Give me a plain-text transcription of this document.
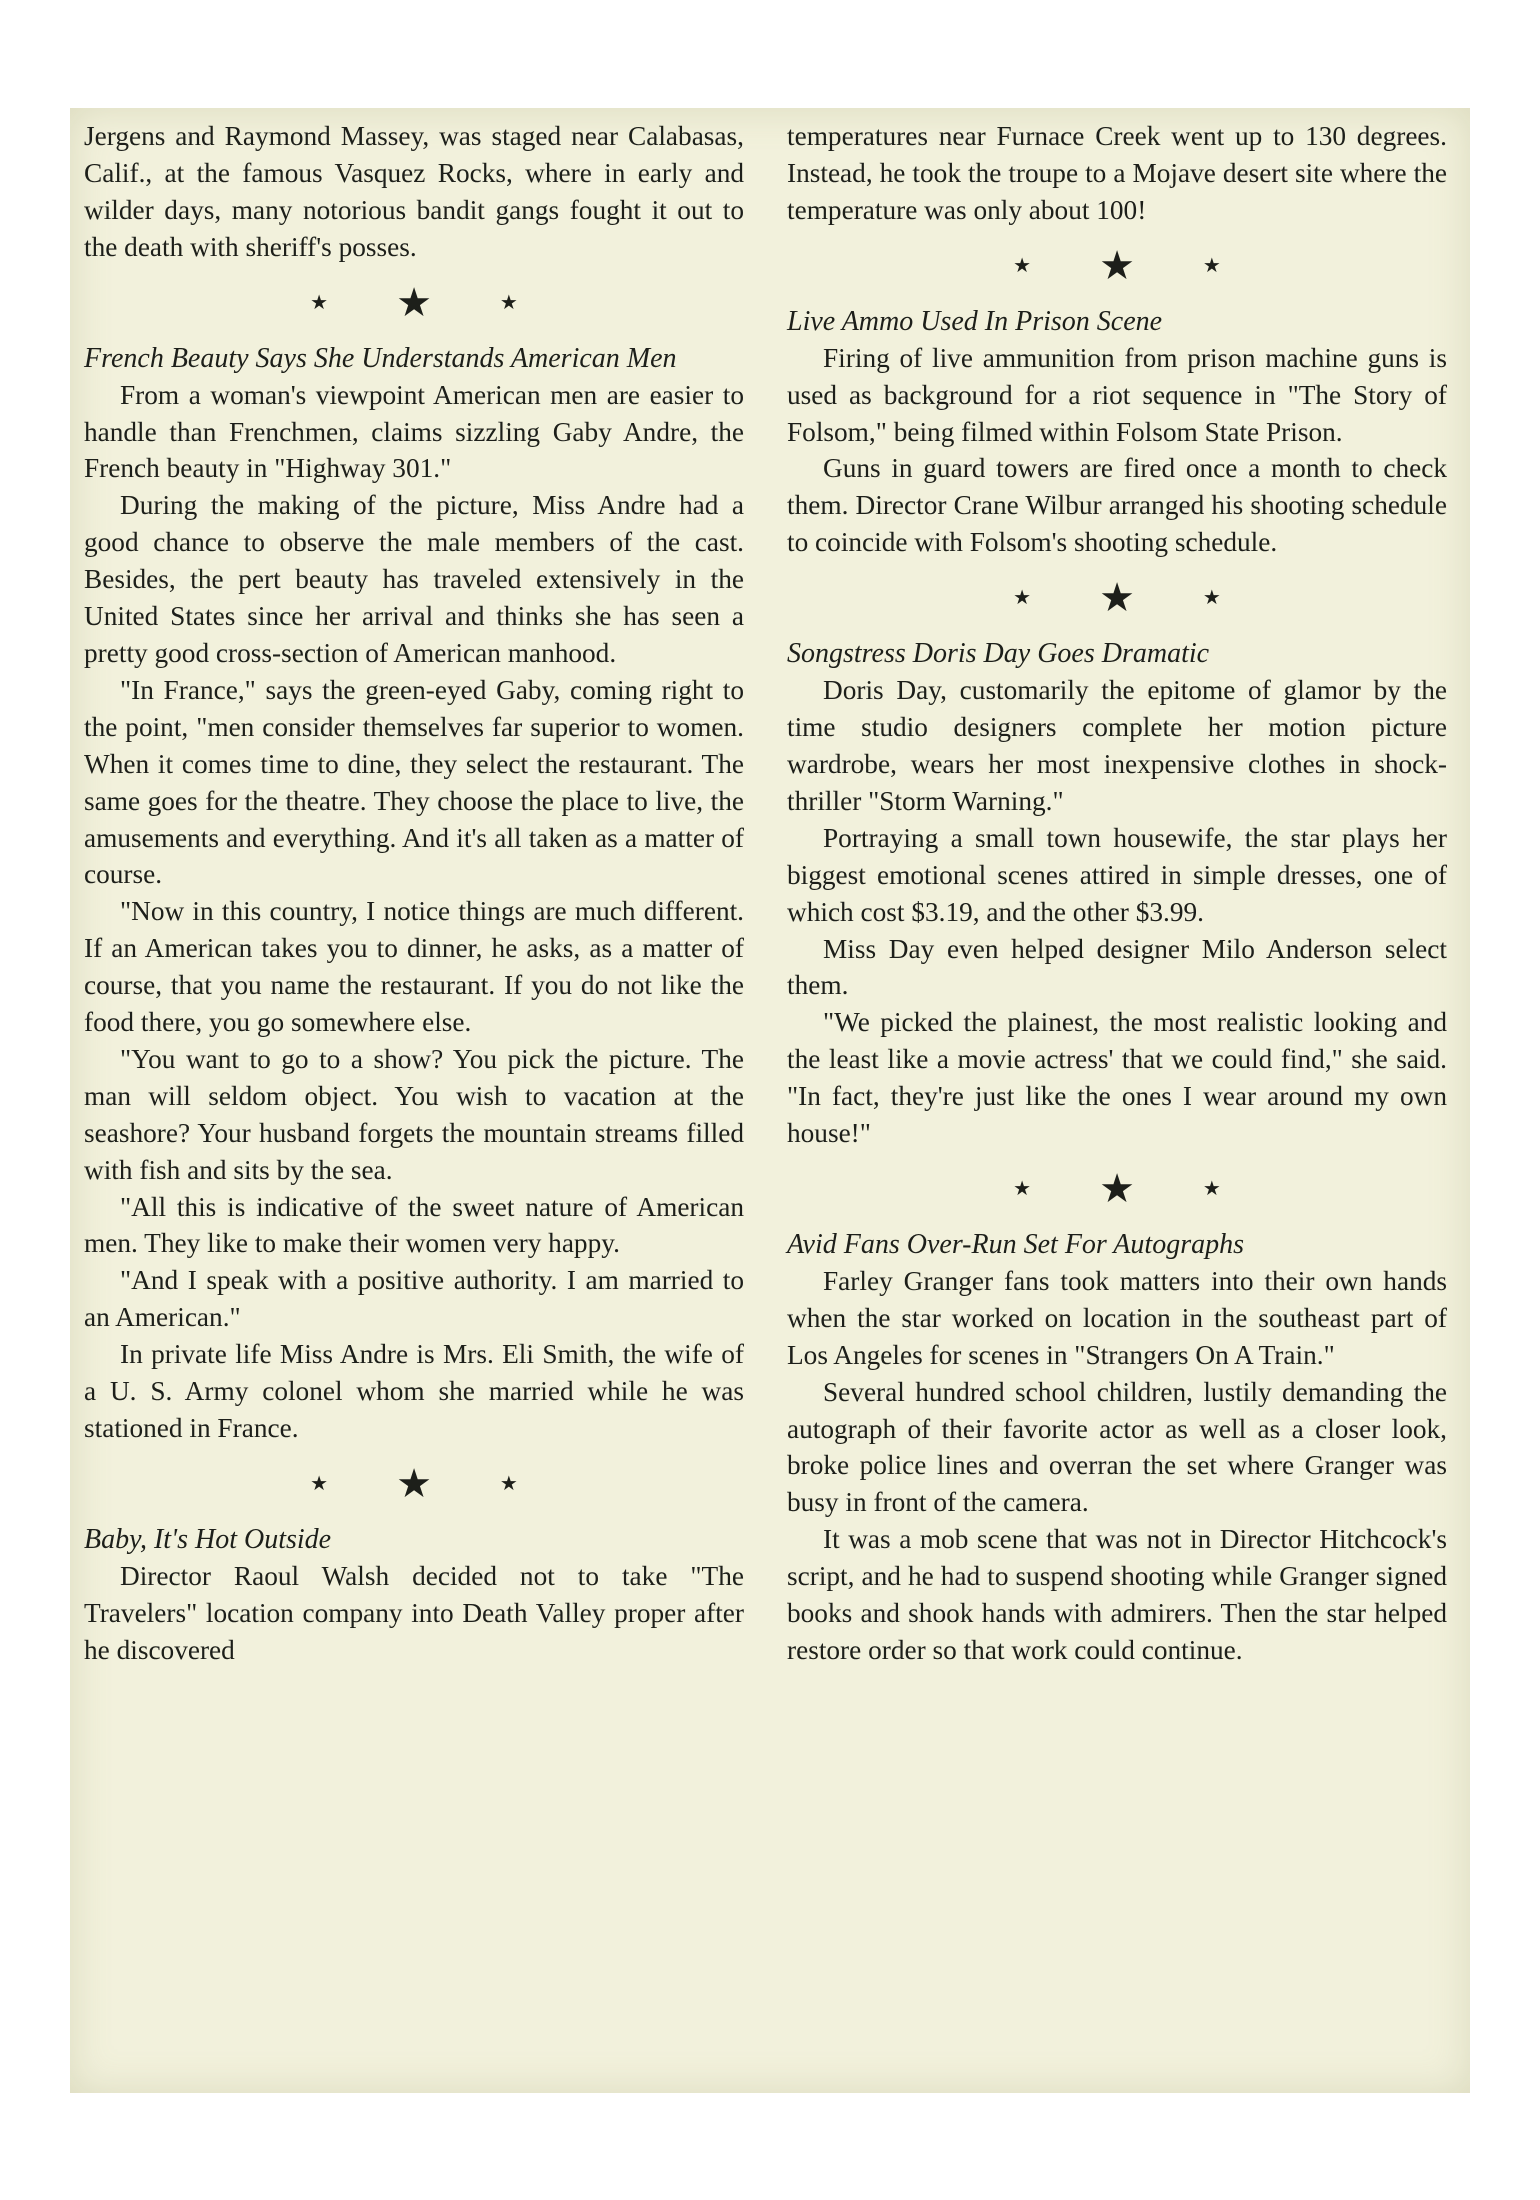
Jergens and Raymond Massey, was staged near Calabasas, Calif., at the famous Vasquez Rocks, where in early and wilder days, many notorious bandit gangs fought it out to the death with sheriff's posses.

★ ★	★
French Beauty Says She Understands American Men

From a woman's viewpoint American men are easier to handle than Frenchmen, claims sizzling Gaby Andre, the French beauty in "Highway 301."

During the making of the picture, Miss Andre had a good chance to observe the male members of the cast. Besides, the pert beauty has traveled extensively in the United States since her arrival and thinks she has seen a pretty good cross-section of American manhood.

"In France," says the green-eyed Gaby, coming right to the point, "men consider themselves far superior to women. When it comes time to dine, they select the restaurant. The same goes for the theatre. They choose the place to live, the amusements and everything. And it's all taken as a matter of course.

"Now in this country, I notice things are much different. If an American takes you to dinner, he asks, as a matter of course, that you name the restaurant. If you do not like the food there, you go somewhere else.

"You want to go to a show? You pick the picture. The man will seldom object. You wish to vacation at the seashore? Your husband forgets the mountain streams filled with fish and sits by the sea.

"All this is indicative of the sweet nature of American men. They like to make their women very happy.

"And I speak with a positive authority. I am married to an American."

In private life Miss Andre is Mrs. Eli Smith, the wife of a U. S. Army colonel whom she married while he was stationed in France.

★ ★	★
Baby, It's Hot Outside

Director Raoul Walsh decided not to take "The Travelers" location company into Death Valley proper after he discovered

temperatures near Furnace Creek went up to 130 degrees. Instead, he took the troupe to a Mojave desert site where the temperature was only about 100!

★ ★	★
Live Ammo Used In Prison Scene

Firing of live ammunition from prison machine guns is used as background for a riot sequence in "The Story of Folsom," being filmed within Folsom State Prison.

Guns in guard towers are fired once a month to check them. Director Crane Wilbur arranged his shooting schedule to coincide with Folsom's shooting schedule.

★ ★	★
Songstress Doris Day Goes Dramatic

Doris Day, customarily the epitome of glamor by the time studio designers complete her motion picture wardrobe, wears her most inexpensive clothes in shock-thriller "Storm Warning."

Portraying a small town housewife, the star plays her biggest emotional scenes attired in simple dresses, one of which cost $3.19, and the other $3.99.

Miss Day even helped designer Milo Anderson select them.

"We picked the plainest, the most realistic looking and the least like a movie actress' that we could find," she said. "In fact, they're just like the ones I wear around my own house!"

★ ★	★
Avid Fans Over-Run Set For Autographs

Farley Granger fans took matters into their own hands when the star worked on location in the southeast part of Los Angeles for scenes in "Strangers On A Train."

Several hundred school children, lustily demanding the autograph of their favorite actor as well as a closer look, broke police lines and overran the set where Granger was busy in front of the camera.

It was a mob scene that was not in Director Hitchcock's script, and he had to suspend shooting while Granger signed books and shook hands with admirers. Then the star helped restore order so that work could continue.
